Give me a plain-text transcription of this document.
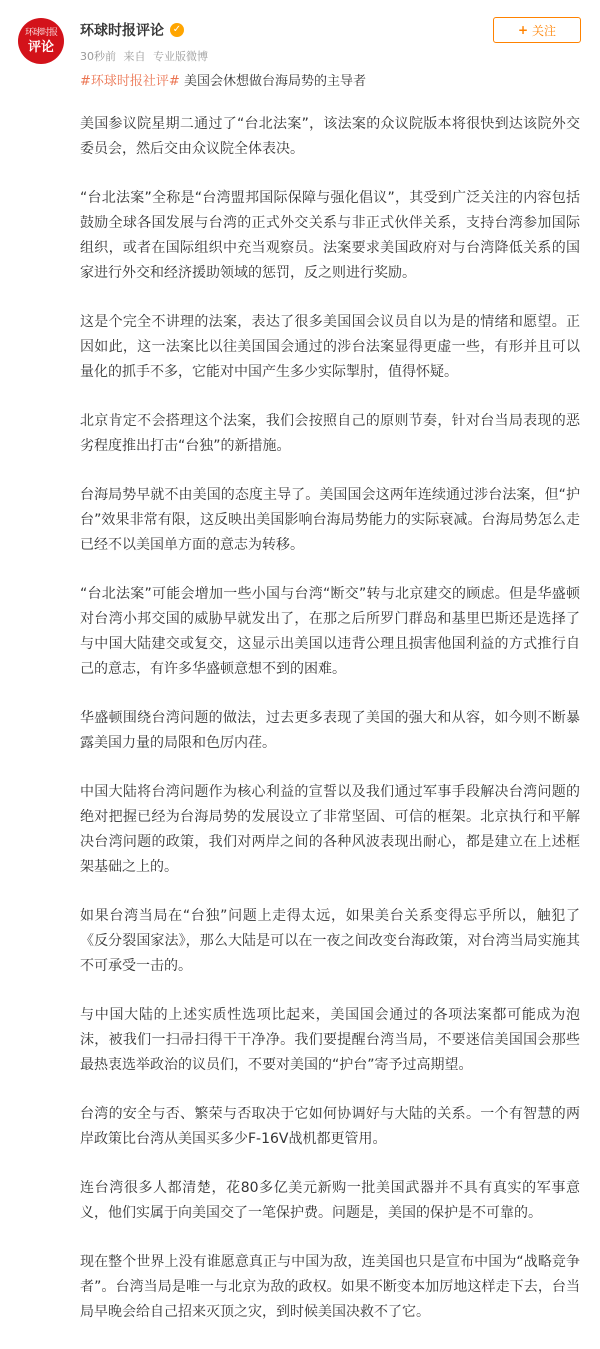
环球时报
评论
环球时报评论 ✓
30秒前 来自 专业版微博
+ 关注
#环球时报社评# 美国会休想做台海局势的主导者

美国参议院星期二通过了“台北法案”，该法案的众议院版本将很快到达该院外交委员会，然后交由众议院全体表决。

“台北法案”全称是“台湾盟邦国际保障与强化倡议”，其受到广泛关注的内容包括鼓励全球各国发展与台湾的正式外交关系与非正式伙伴关系，支持台湾参加国际组织，或者在国际组织中充当观察员。法案要求美国政府对与台湾降低关系的国家进行外交和经济援助领域的惩罚，反之则进行奖励。

这是个完全不讲理的法案，表达了很多美国国会议员自以为是的情绪和愿望。正因如此，这一法案比以往美国国会通过的涉台法案显得更虚一些，有形并且可以量化的抓手不多，它能对中国产生多少实际掣肘，值得怀疑。

北京肯定不会搭理这个法案，我们会按照自己的原则节奏，针对台当局表现的恶劣程度推出打击“台独”的新措施。

台海局势早就不由美国的态度主导了。美国国会这两年连续通过涉台法案，但“护台”效果非常有限，这反映出美国影响台海局势能力的实际衰减。台海局势怎么走已经不以美国单方面的意志为转移。

“台北法案”可能会增加一些小国与台湾“断交”转与北京建交的顾虑。但是华盛顿对台湾小邦交国的威胁早就发出了，在那之后所罗门群岛和基里巴斯还是选择了与中国大陆建交或复交，这显示出美国以违背公理且损害他国利益的方式推行自己的意志，有许多华盛顿意想不到的困难。

华盛顿围绕台湾问题的做法，过去更多表现了美国的强大和从容，如今则不断暴露美国力量的局限和色厉内荏。

中国大陆将台湾问题作为核心利益的宣誓以及我们通过军事手段解决台湾问题的绝对把握已经为台海局势的发展设立了非常坚固、可信的框架。北京执行和平解决台湾问题的政策，我们对两岸之间的各种风波表现出耐心，都是建立在上述框架基础之上的。

如果台湾当局在“台独”问题上走得太远，如果美台关系变得忘乎所以，触犯了《反分裂国家法》，那么大陆是可以在一夜之间改变台海政策，对台湾当局实施其不可承受一击的。

与中国大陆的上述实质性选项比起来，美国国会通过的各项法案都可能成为泡沫，被我们一扫帚扫得干干净净。我们要提醒台湾当局，不要迷信美国国会那些最热衷选举政治的议员们，不要对美国的“护台”寄予过高期望。

台湾的安全与否、繁荣与否取决于它如何协调好与大陆的关系。一个有智慧的两岸政策比台湾从美国买多少F-16V战机都更管用。

连台湾很多人都清楚，花80多亿美元新购一批美国武器并不具有真实的军事意义，他们实属于向美国交了一笔保护费。问题是，美国的保护是不可靠的。

现在整个世界上没有谁愿意真正与中国为敌，连美国也只是宣布中国为“战略竞争者”。台湾当局是唯一与北京为敌的政权。如果不断变本加厉地这样走下去，台当局早晚会给自己招来灭顶之灾，到时候美国决救不了它。
